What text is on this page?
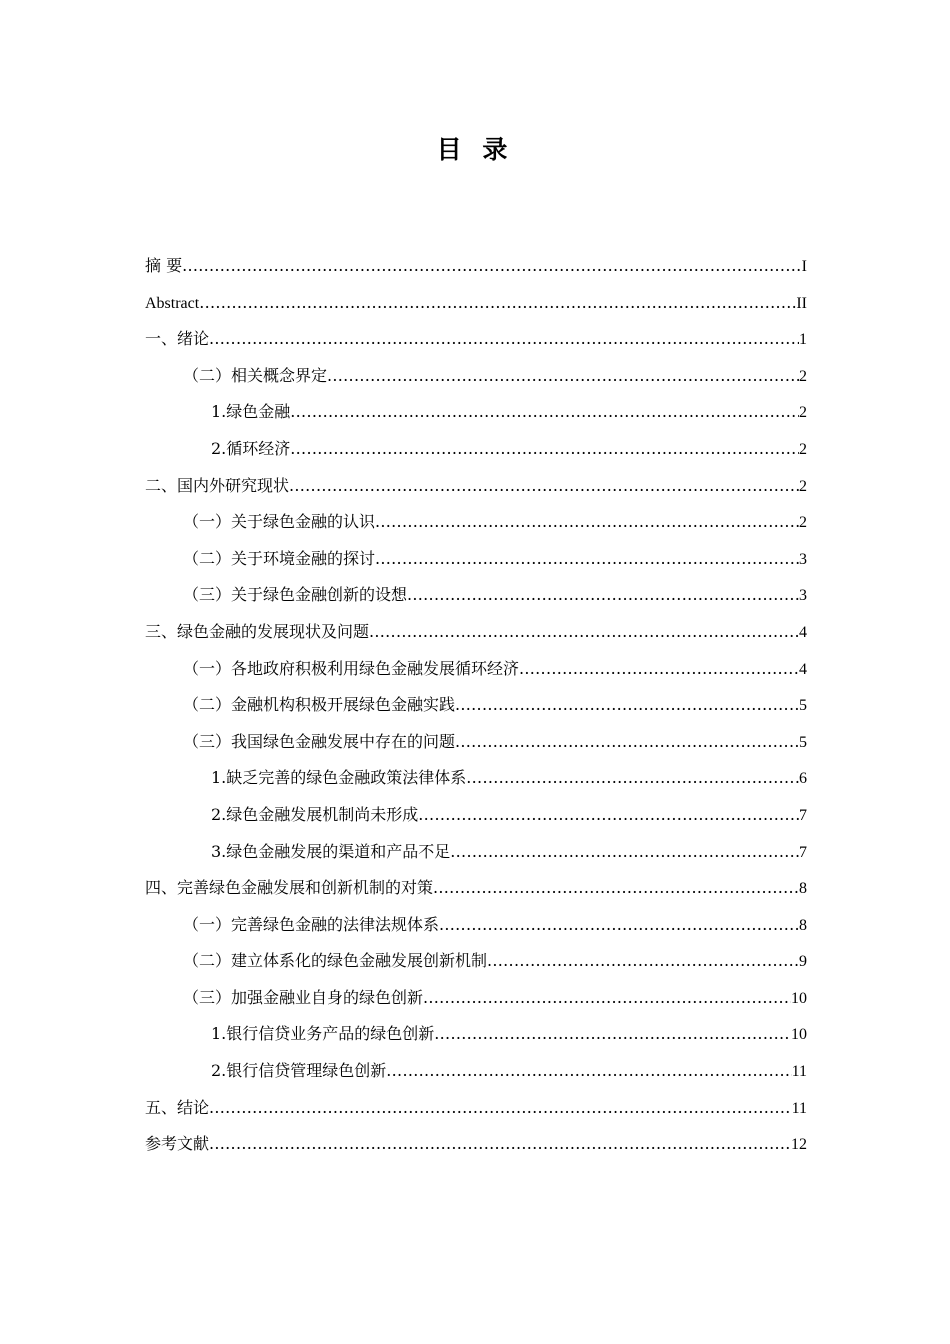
目 录
摘 要 .....	I
Abstract .....	II
一、绪论 .....	1
（二）相关概念界定 .....	2
1.绿色金融 .....	2
2.循环经济 .....	2
二、国内外研究现状 .....	2
（一）关于绿色金融的认识 .....	2
（二）关于环境金融的探讨 .....	3
（三）关于绿色金融创新的设想 .....	3
三、绿色金融的发展现状及问题 .....	4
（一）各地政府积极利用绿色金融发展循环经济 .....	4
（二）金融机构积极开展绿色金融实践 .....	5
（三）我国绿色金融发展中存在的问题 .....	5
1.缺乏完善的绿色金融政策法律体系 .....	6
2.绿色金融发展机制尚未形成 .....	7
3.绿色金融发展的渠道和产品不足 .....	7
四、完善绿色金融发展和创新机制的对策 .....	8
（一）完善绿色金融的法律法规体系 .....	8
（二）建立体系化的绿色金融发展创新机制 .....	9
（三）加强金融业自身的绿色创新 .....	10
1.银行信贷业务产品的绿色创新 .....	10
2.银行信贷管理绿色创新 .....	11
五、结论 .....	11
参考文献 .....	12
